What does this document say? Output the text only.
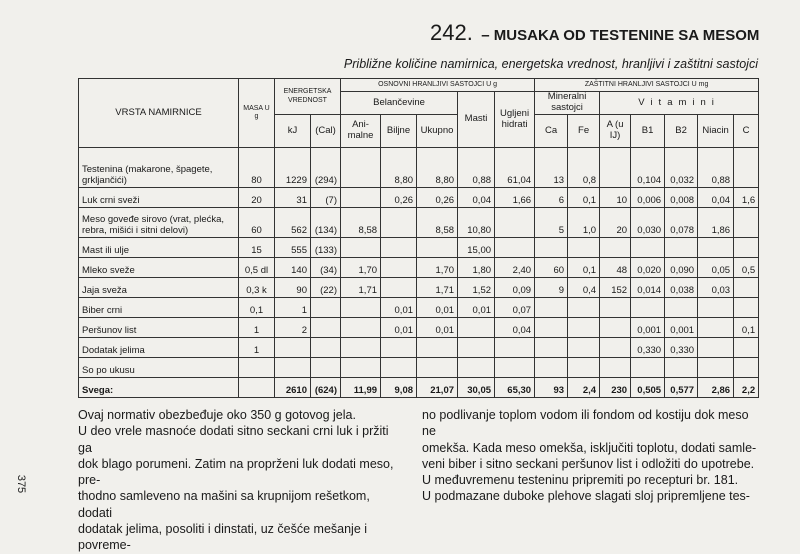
242. – MUSAKA OD TESTENINE SA MESOM
Približne količine namirnica, energetska vrednost, hranljivi i zaštitni sastojci
VRSTA NAMIRNICE	MASA U g	ENERGETSKA VREDNOST		OSNOVNI HRANLJIVI SASTOJCI U g					ZAŠTITNI HRANLJIVI SASTOJCI U mg						
				Belančevine			Masti	Ugljeni hidrati	Mineralni sastojci		Vitamini				
		kJ	(Cal)	Ani-malne	Biljne	Ukupno			Ca	Fe	A (u IJ)	B1	B2	Niacin	C
Testenina (makarone, špagete, grkljančići)	80	1229	(294)		8,80	8,80	0,88	61,04	13	0,8		0,104	0,032	0,88	
Luk crni sveži	20	31	(7)		0,26	0,26	0,04	1,66	6	0,1	10	0,006	0,008	0,04	1,6
Meso goveđe sirovo (vrat, plećka, rebra, mišići i sitni delovi)	60	562	(134)	8,58		8,58	10,80		5	1,0	20	0,030	0,078	1,86	
Mast ili ulje	15	555	(133)				15,00								
Mleko sveže	0,5 dl	140	(34)	1,70		1,70	1,80	2,40	60	0,1	48	0,020	0,090	0,05	0,5
Jaja sveža	0,3 k	90	(22)	1,71		1,71	1,52	0,09	9	0,4	152	0,014	0,038	0,03	
Biber crni	0,1	1			0,01	0,01	0,01	0,07							
Peršunov list	1	2			0,01	0,01		0,04				0,001	0,001		0,1
Dodatak jelima	1											0,330	0,330		
So po ukusu															
Svega:		2610	(624)	11,99	9,08	21,07	30,05	65,30	93	2,4	230	0,505	0,577	2,86	2,2
Ovaj normativ obezbeđuje oko 350 g gotovog jela.
U deo vrele masnoće dodati sitno seckani crni luk i pržiti ga
dok blago porumeni. Zatim na proprženi luk dodati meso, pre-
thodno samleveno na mašini sa krupnijom rešetkom, dodati
dodatak jelima, posoliti i dinstati, uz češće mešanje i povreme-
no podlivanje toplom vodom ili fondom od kostiju dok meso ne
omekša. Kada meso omekša, isključiti toplotu, dodati samle-
veni biber i sitno seckani peršunov list i odložiti do upotrebe.
U međuvremenu testeninu pripremiti po recepturi br. 181.
U podmazane duboke plehove slagati sloj pripremljene tes-
375
